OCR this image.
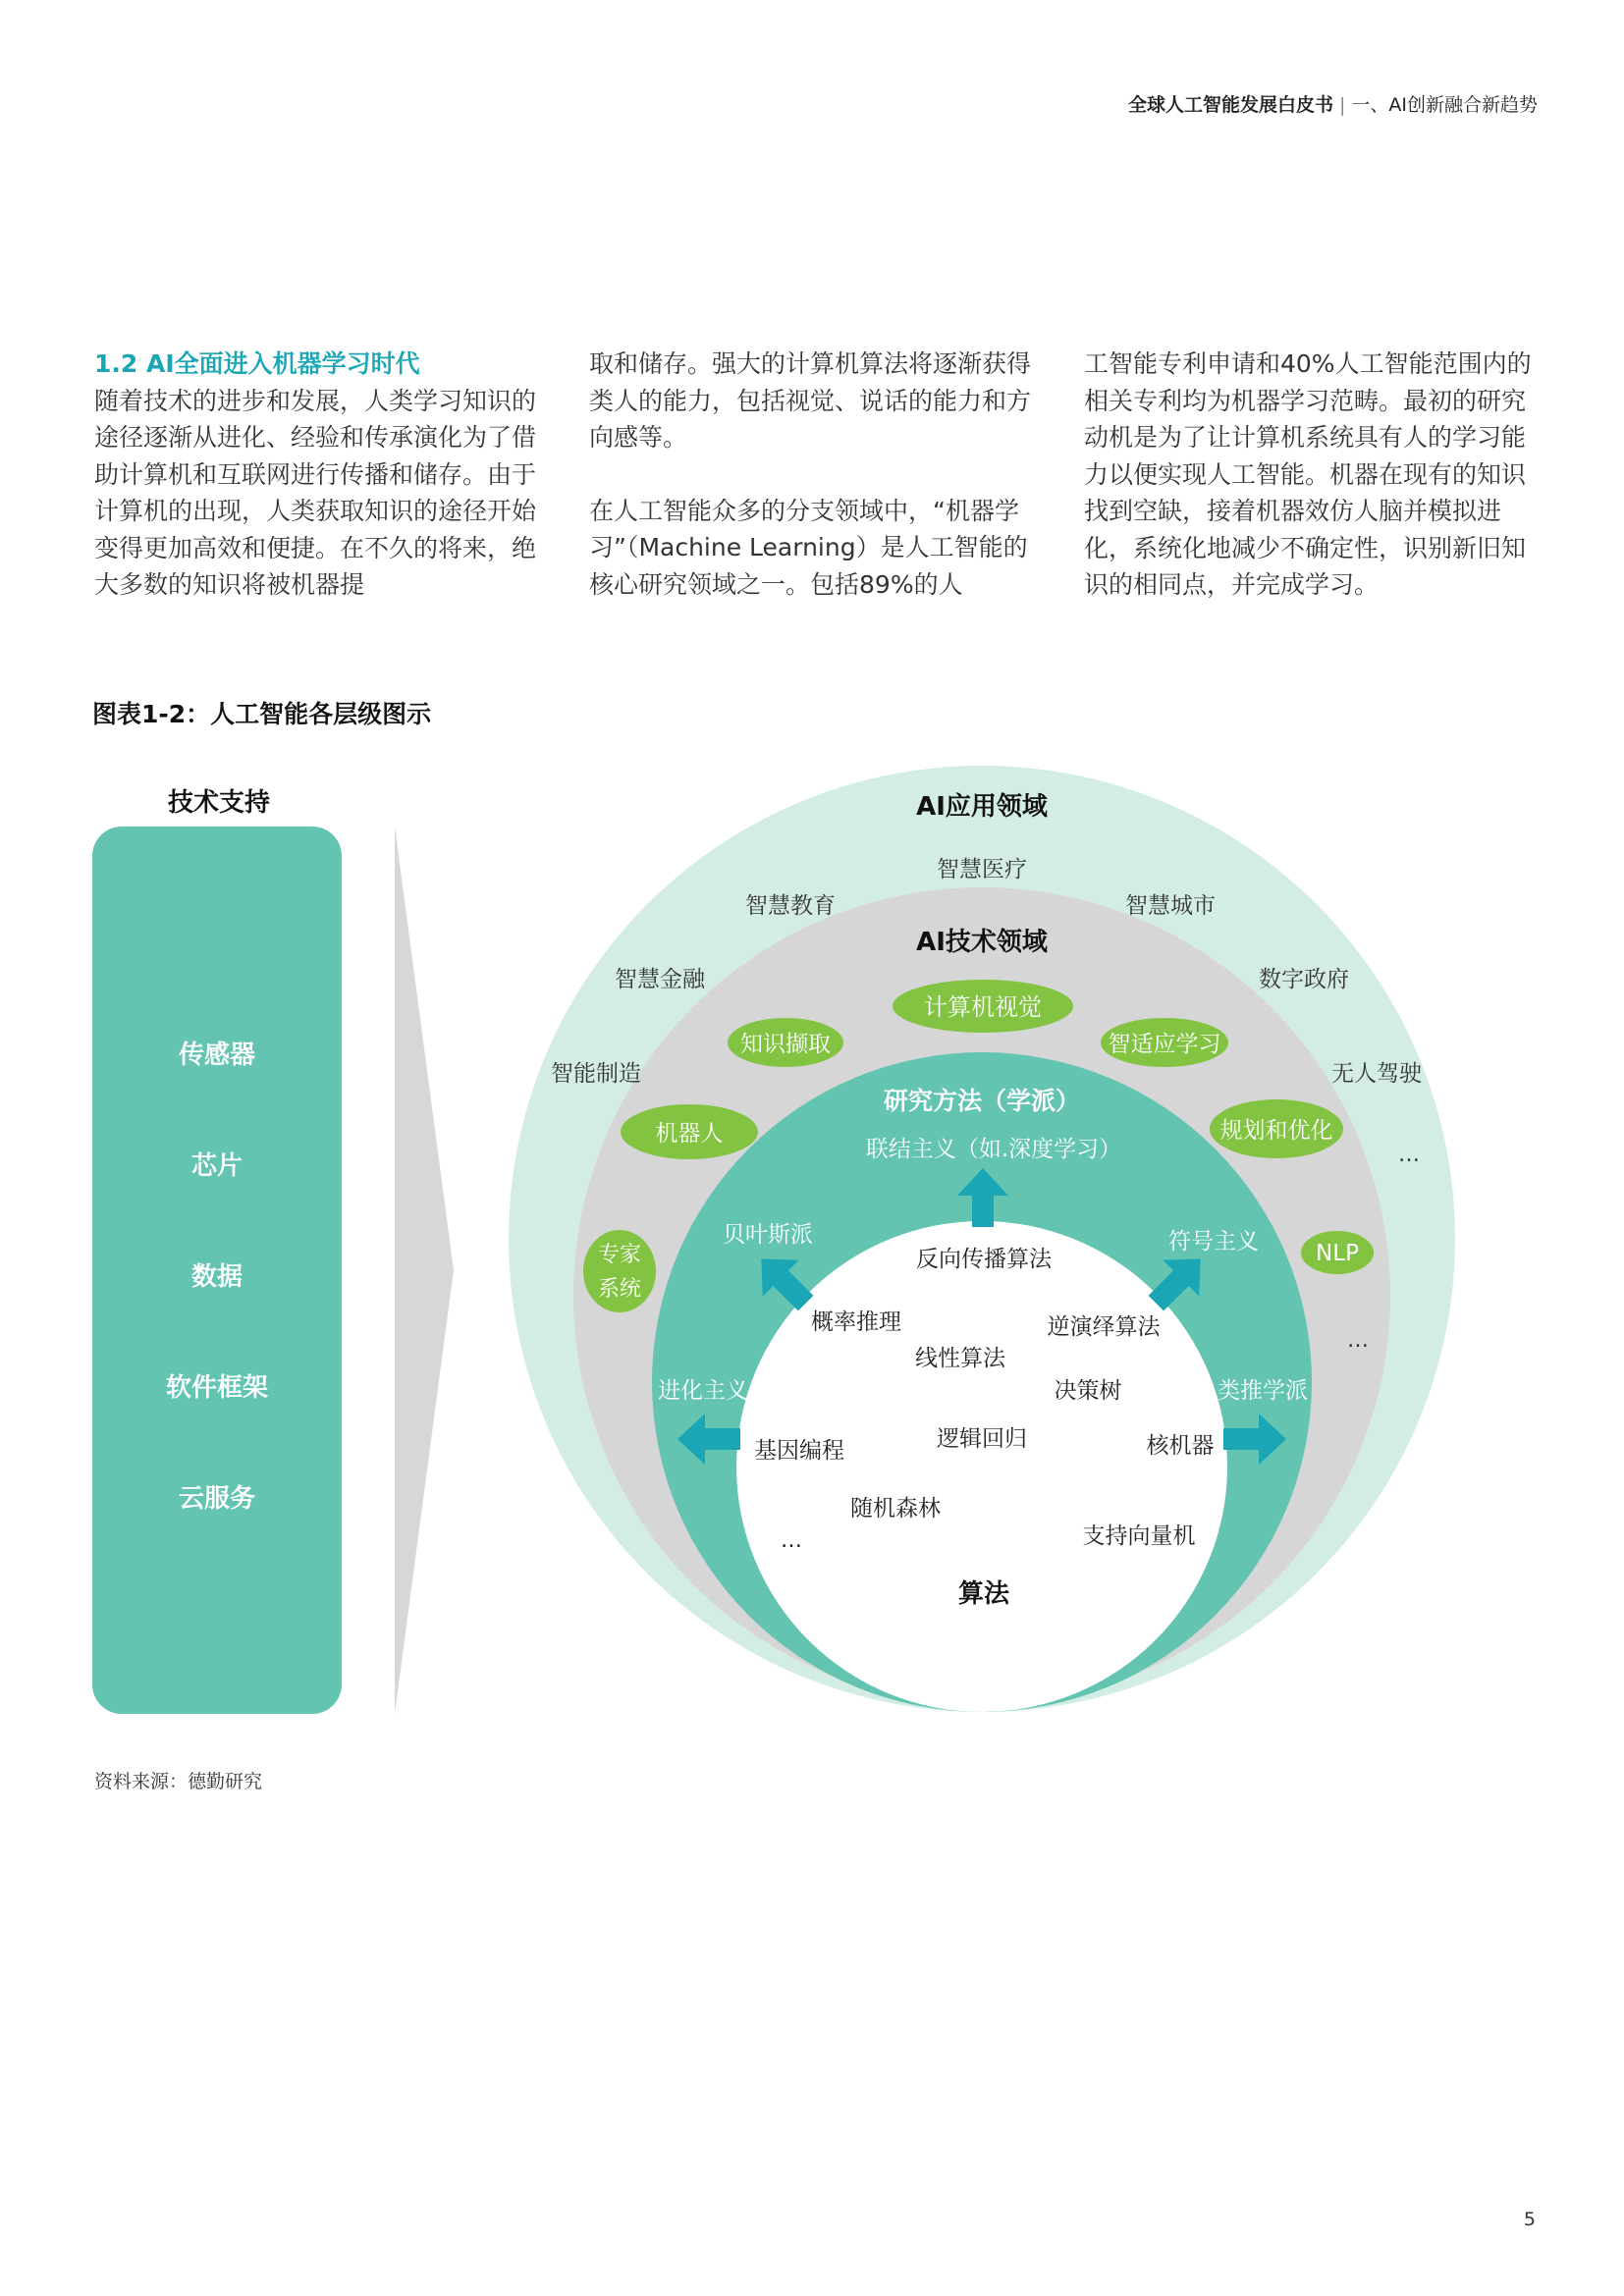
全球人工智能发展白皮书 | 一、AI创新融合新趋势

1.2 AI全面进入机器学习时代

随着技术的进步和发展，人类学习知识的途径逐渐从进化、经验和传承演化为了借助计算机和互联网进行传播和储存。由于计算机的出现，人类获取知识的途径开始变得更加高效和便捷。在不久的将来，绝大多数的知识将被机器提

取和储存。强大的计算机算法将逐渐获得类人的能力，包括视觉、说话的能力和方向感等。

在人工智能众多的分支领域中，“机器学习”（Machine Learning）是人工智能的核心研究领域之一。包括89%的人

工智能专利申请和40%人工智能范围内的相关专利均为机器学习范畴。最初的研究动机是为了让计算机系统具有人的学习能力以便实现人工智能。机器在现有的知识找到空缺，接着机器效仿人脑并模拟进化，系统化地减少不确定性，识别新旧知识的相同点，并完成学习。

图表1-2：人工智能各层级图示
技术支持
传感器
芯片
数据
软件框架
云服务
计算机视觉
知识撷取	智适应学习
机器人	规划和优化
专家
系统
NLP
…
AI应用领域
智慧医疗
智慧教育	智慧城市
智慧金融	数字政府
智能制造	无人驾驶
…
AI技术领域
研究方法（学派）
联结主义（如.深度学习）
贝叶斯派	符号主义
进化主义	类推学派
反向传播算法
概率推理	逆演绎算法
线性算法
决策树
基因编程	逻辑回归	核机器
随机森林
支持向量机
…
算法
资料来源：德勤研究
5
